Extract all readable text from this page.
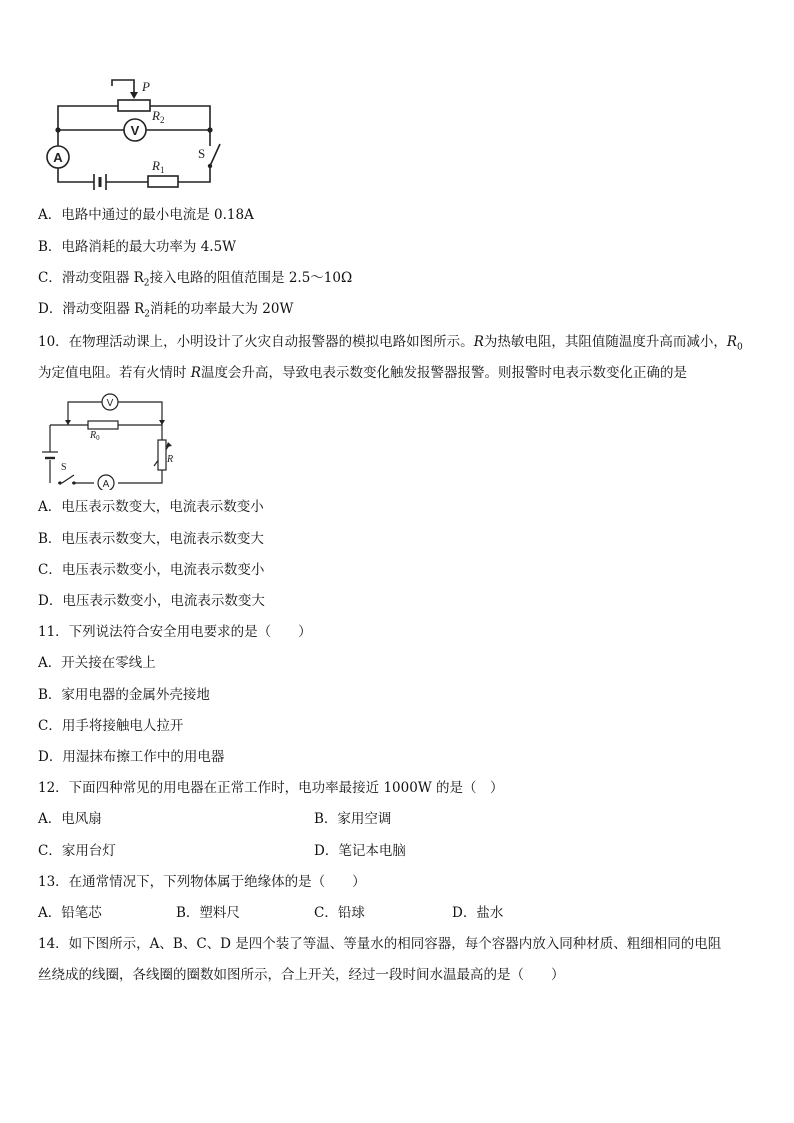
V
A
P
$R_2$
$R_1$
S
A．电路中通过的最小电流是 0.18A
B．电路消耗的最大功率为 4.5W
C．滑动变阻器 $R_2$接入电路的阻值范围是 2.5～10Ω
D．滑动变阻器 $R_2$消耗的功率最大为 20W
10．在物理活动课上，小明设计了火灾自动报警器的模拟电路如图所示。R为热敏电阻，其阻值随温度升高而减小，$R_0$
为定值电阻。若有火情时 R温度会升高，导致电表示数变化触发报警器报警。则报警时电表示数变化正确的是
V
A
$R_0$
R
S
A．电压表示数变大，电流表示数变小
B．电压表示数变大，电流表示数变大
C．电压表示数变小，电流表示数变小
D．电压表示数变小，电流表示数变大
11．下列说法符合安全用电要求的是（　　）
A．开关接在零线上
B．家用电器的金属外壳接地
C．用手将接触电人拉开
D．用湿抹布擦工作中的用电器
12．下面四种常见的用电器在正常工作时，电功率最接近 1000W 的是（　）
A．电风扇	B．家用空调
C．家用台灯	D．笔记本电脑
13．在通常情况下，下列物体属于绝缘体的是（　　）
A．铅笔芯	B．塑料尺	C．铅球	D．盐水
14．如下图所示，A、B、C、D 是四个装了等温、等量水的相同容器，每个容器内放入同种材质、粗细相同的电阻
丝绕成的线圈，各线圈的圈数如图所示，合上开关，经过一段时间水温最高的是（　　）
